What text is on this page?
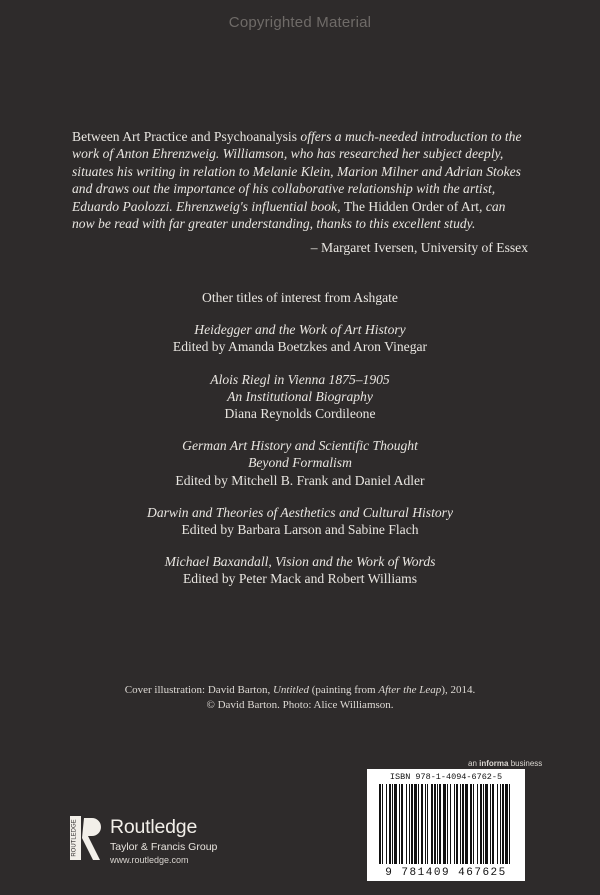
Copyrighted Material

Between Art Practice and Psychoanalysis offers a much-needed introduction to the work of Anton Ehrenzweig. Williamson, who has researched her subject deeply, situates his writing in relation to Melanie Klein, Marion Milner and Adrian Stokes and draws out the importance of his collaborative relationship with the artist, Eduardo Paolozzi. Ehrenzweig's influential book, The Hidden Order of Art, can now be read with far greater understanding, thanks to this excellent study.

– Margaret Iversen, University of Essex
Other titles of interest from Ashgate
Heidegger and the Work of Art History
Edited by Amanda Boetzkes and Aron Vinegar
Alois Riegl in Vienna 1875–1905
An Institutional Biography
Diana Reynolds Cordileone
German Art History and Scientific Thought
Beyond Formalism
Edited by Mitchell B. Frank and Daniel Adler
Darwin and Theories of Aesthetics and Cultural History
Edited by Barbara Larson and Sabine Flach
Michael Baxandall, Vision and the Work of Words
Edited by Peter Mack and Robert Williams
Cover illustration: David Barton, Untitled (painting from After the Leap), 2014.
© David Barton. Photo: Alice Williamson.
an informa business
ISBN 978-1-4094-6762-5
9 781409 467625
ROUTLEDGE Routledge
Taylor & Francis Group
www.routledge.com
